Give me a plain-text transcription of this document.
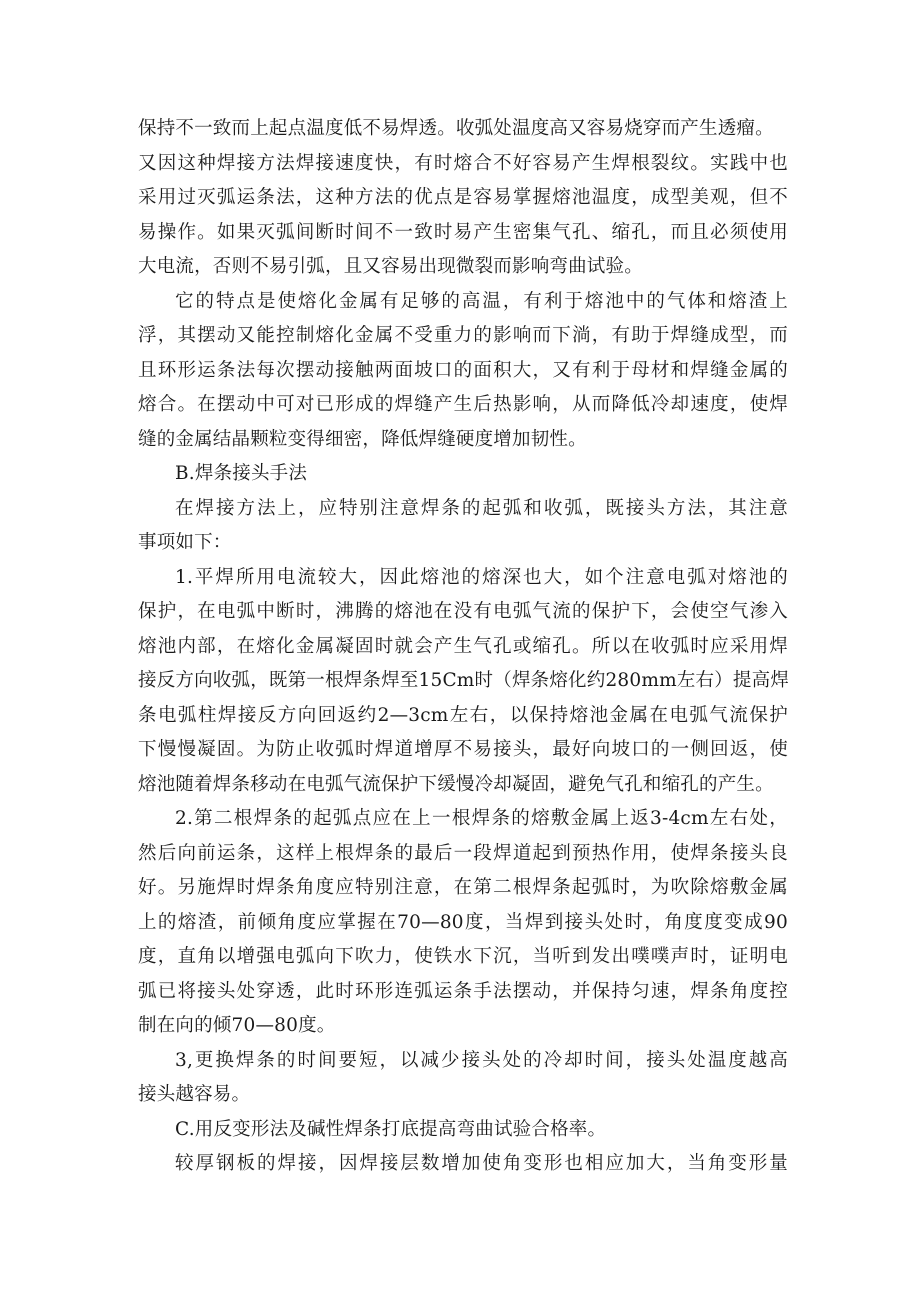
保持不一致而上起点温度低不易焊透。收弧处温度高又容易烧穿而产生透瘤。
又因这种焊接方法焊接速度快，有时熔合不好容易产生焊根裂纹。实践中也
采用过灭弧运条法，这种方法的优点是容易掌握熔池温度，成型美观，但不
易操作。如果灭弧间断时间不一致时易产生密集气孔、缩孔，而且必须使用
大电流，否则不易引弧，且又容易出现微裂而影响弯曲试验。
它的特点是使熔化金属有足够的高温，有利于熔池中的气体和熔渣上
浮，其摆动又能控制熔化金属不受重力的影响而下淌，有助于焊缝成型，而
且环形运条法每次摆动接触两面坡口的面积大，又有利于母材和焊缝金属的
熔合。在摆动中可对已形成的焊缝产生后热影响，从而降低冷却速度，使焊
缝的金属结晶颗粒变得细密，降低焊缝硬度增加韧性。
B.焊条接头手法
在焊接方法上，应特别注意焊条的起弧和收弧，既接头方法，其注意
事项如下：
1.平焊所用电流较大，因此熔池的熔深也大，如个注意电弧对熔池的
保护，在电弧中断时，沸腾的熔池在没有电弧气流的保护下，会使空气渗入
熔池内部，在熔化金属凝固时就会产生气孔或缩孔。所以在收弧时应采用焊
接反方向收弧，既第一根焊条焊至15Cm时（焊条熔化约280mm左右）提高焊
条电弧柱焊接反方向回返约2—3cm左右，以保持熔池金属在电弧气流保护
下慢慢凝固。为防止收弧时焊道增厚不易接头，最好向坡口的一侧回返，使
熔池随着焊条移动在电弧气流保护下缓慢冷却凝固，避免气孔和缩孔的产生。
2.第二根焊条的起弧点应在上一根焊条的熔敷金属上返3-4cm左右处，
然后向前运条，这样上根焊条的最后一段焊道起到预热作用，使焊条接头良
好。另施焊时焊条角度应特别注意，在第二根焊条起弧时，为吹除熔敷金属
上的熔渣，前倾角度应掌握在70—80度，当焊到接头处时，角度度变成90
度，直角以增强电弧向下吹力，使铁水下沉，当听到发出噗噗声时，证明电
弧已将接头处穿透，此时环形连弧运条手法摆动，并保持匀速，焊条角度控
制在向的倾70—80度。
3,更换焊条的时间要短，以减少接头处的冷却时间，接头处温度越高
接头越容易。
C.用反变形法及碱性焊条打底提高弯曲试验合格率。
较厚钢板的焊接，因焊接层数增加使角变形也相应加大，当角变形量
